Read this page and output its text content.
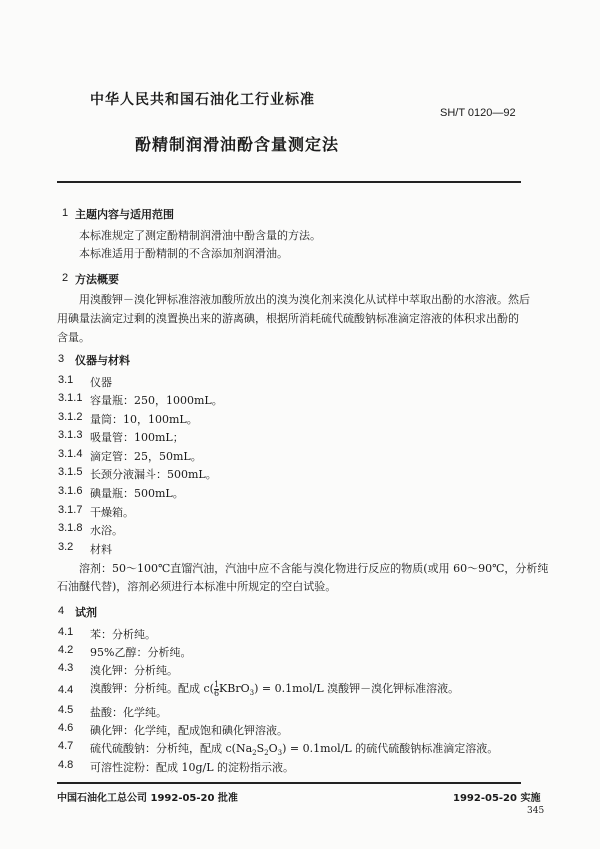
中华人民共和国石油化工行业标准
SH/T 0120—92
酚精制润滑油酚含量测定法
1 主题内容与适用范围
本标准规定了测定酚精制润滑油中酚含量的方法。
本标准适用于酚精制的不含添加剂润滑油。
2 方法概要
用溴酸钾－溴化钾标准溶液加酸所放出的溴为溴化剂来溴化从试样中萃取出酚的水溶液。然后
用碘量法滴定过剩的溴置换出来的游离碘，根据所消耗硫代硫酸钠标准滴定溶液的体积求出酚的
含量。
3 仪器与材料
3.1 仪器
3.1.1 容量瓶：250，1000mL。
3.1.2 量筒：10，100mL。
3.1.3 吸量管：100mL；
3.1.4 滴定管：25，50mL。
3.1.5 长颈分液漏斗：500mL。
3.1.6 碘量瓶：500mL。
3.1.7 干燥箱。
3.1.8 水浴。
3.2 材料
溶剂：50～100℃直馏汽油，汽油中应不含能与溴化物进行反应的物质(或用 60～90℃，分析纯
石油醚代替)，溶剂必须进行本标准中所规定的空白试验。
4 试剂
4.1 苯：分析纯。
4.2 95%乙醇：分析纯。
4.3 溴化钾：分析纯。
4.5 盐酸：化学纯。
4.6 碘化钾：化学纯，配成饱和碘化钾溶液。
4.4 溴酸钾：分析纯。配成 $c( \frac{1}{6}$ KBrO$_3$) = 0.1mol/L 溴酸钾－溴化钾标准溶液。
4.7 硫代硫酸钠：分析纯，配成 $c(Na_2S_2O_3) = 0.1mol/L$ 的硫代硫酸钠标准滴定溶液。
4.8 可溶性淀粉：配成 10g/L 的淀粉指示液。
中国石油化工总公司 1992-05-20 批准	1992-05-20 实施
345
